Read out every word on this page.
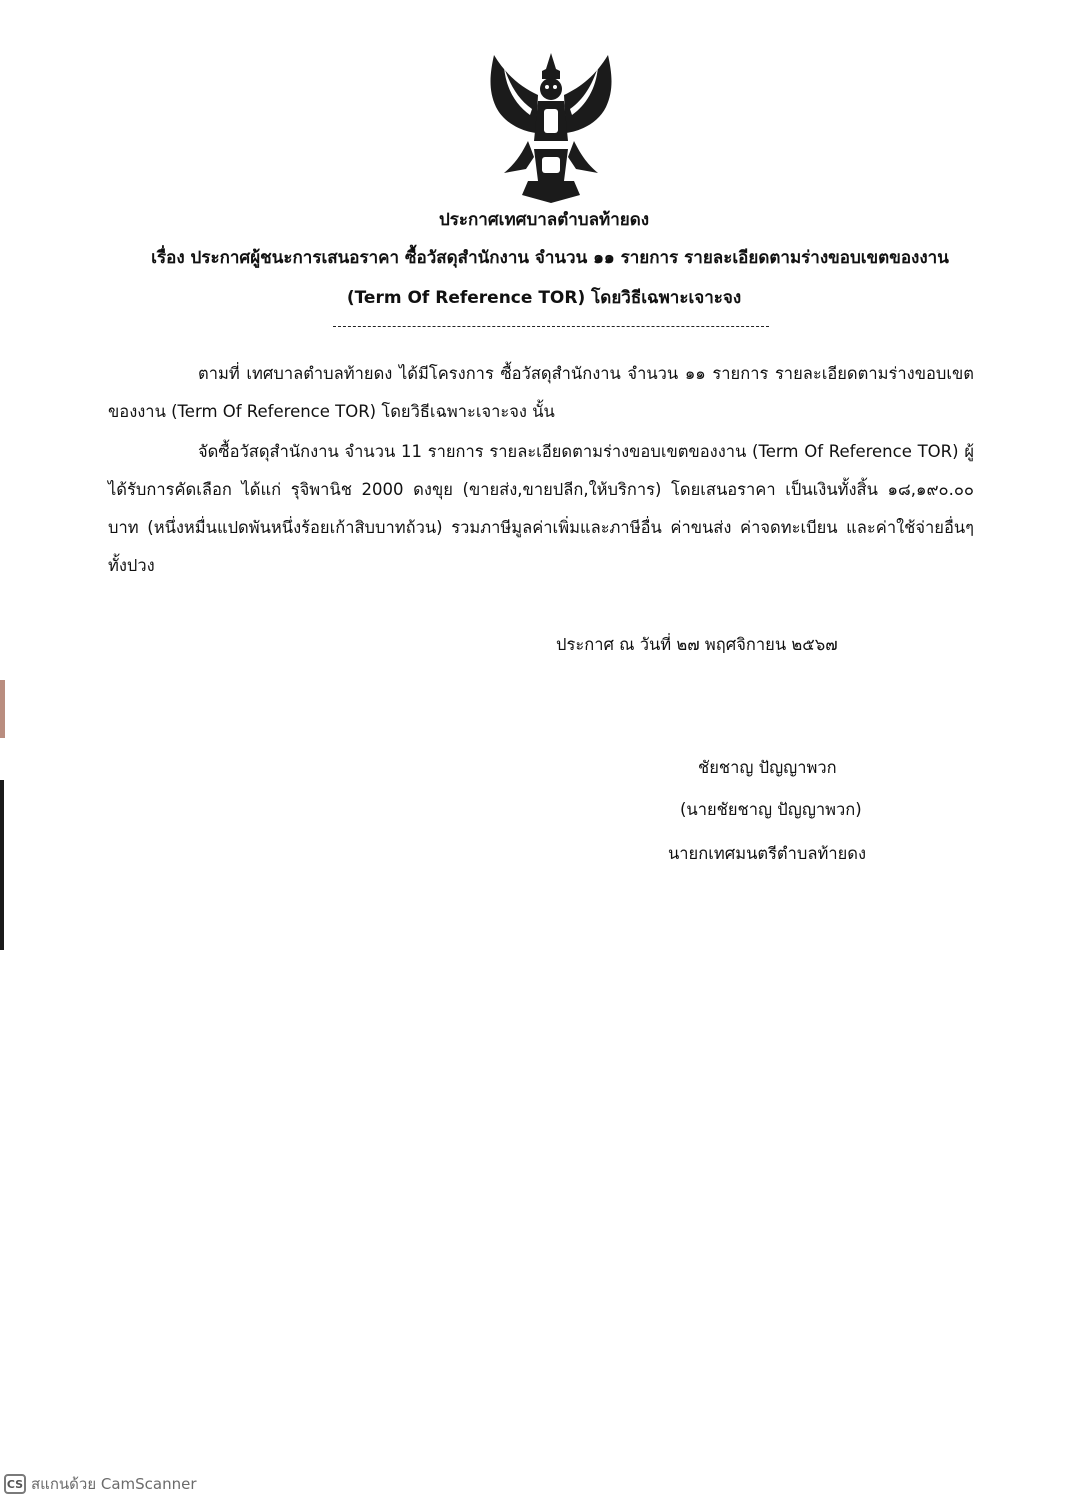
ประกาศเทศบาลตำบลท้ายดง
เรื่อง ประกาศผู้ชนะการเสนอราคา ซื้อวัสดุสำนักงาน จำนวน ๑๑ รายการ รายละเอียดตามร่างขอบเขตของงาน
(Term Of Reference TOR) โดยวิธีเฉพาะเจาะจง
ตามที่ เทศบาลตำบลท้ายดง ได้มีโครงการ ซื้อวัสดุสำนักงาน จำนวน ๑๑ รายการ รายละเอียดตามร่างขอบเขตของงาน (Term Of Reference TOR) โดยวิธีเฉพาะเจาะจง นั้น
จัดซื้อวัสดุสำนักงาน จำนวน 11 รายการ รายละเอียดตามร่างขอบเขตของงาน (Term Of Reference TOR) ผู้ได้รับการคัดเลือก ได้แก่ รุจิพานิช 2000 ดงขุย (ขายส่ง,ขายปลีก,ให้บริการ) โดยเสนอราคา เป็นเงินทั้งสิ้น ๑๘,๑๙๐.๐๐ บาท (หนึ่งหมื่นแปดพันหนึ่งร้อยเก้าสิบบาทถ้วน) รวมภาษีมูลค่าเพิ่มและภาษีอื่น ค่าขนส่ง ค่าจดทะเบียน และค่าใช้จ่ายอื่นๆ ทั้งปวง
ประกาศ ณ วันที่ ๒๗ พฤศจิกายน ๒๕๖๗
ชัยชาญ ปัญญาพวก
(นายชัยชาญ ปัญญาพวก)
นายกเทศมนตรีตำบลท้ายดง
CS สแกนด้วย CamScanner
